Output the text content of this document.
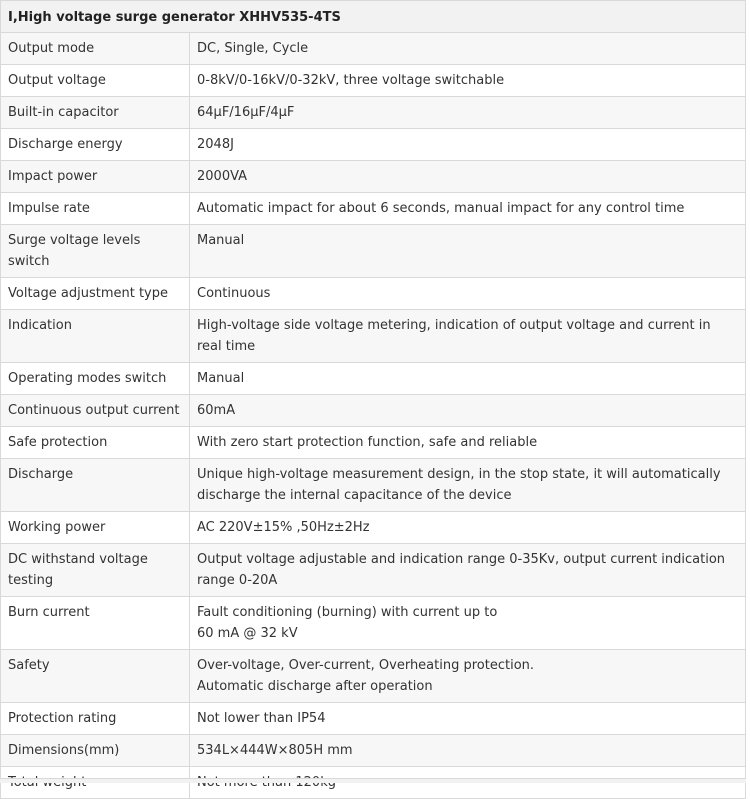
I,High voltage surge generator XHHV535-4TS	
Output mode	DC, Single, Cycle
Output voltage	0-8kV/0-16kV/0-32kV, three voltage switchable
Built-in capacitor	64μF/16μF/4μF
Discharge energy	2048J
Impact power	2000VA
Impulse rate	Automatic impact for about 6 seconds, manual impact for any control time
Surge voltage levels switch	Manual
Voltage adjustment type	Continuous
Indication	High-voltage side voltage metering, indication of output voltage and current in real time
Operating modes switch	Manual
Continuous output current	60mA
Safe protection	With zero start protection function, safe and reliable
Discharge	Unique high-voltage measurement design, in the stop state, it will automatically discharge the internal capacitance of the device
Working power	AC 220V±15% ,50Hz±2Hz
DC withstand voltage testing	Output voltage adjustable and indication range 0-35Kv, output current indication range 0-20A
Burn current	Fault conditioning (burning) with current up to
60 mA @ 32 kV

Safety	Over-voltage, Over-current, Overheating protection.
Automatic discharge after operation

Protection rating	Not lower than IP54
Dimensions(mm)	534L×444W×805H mm
